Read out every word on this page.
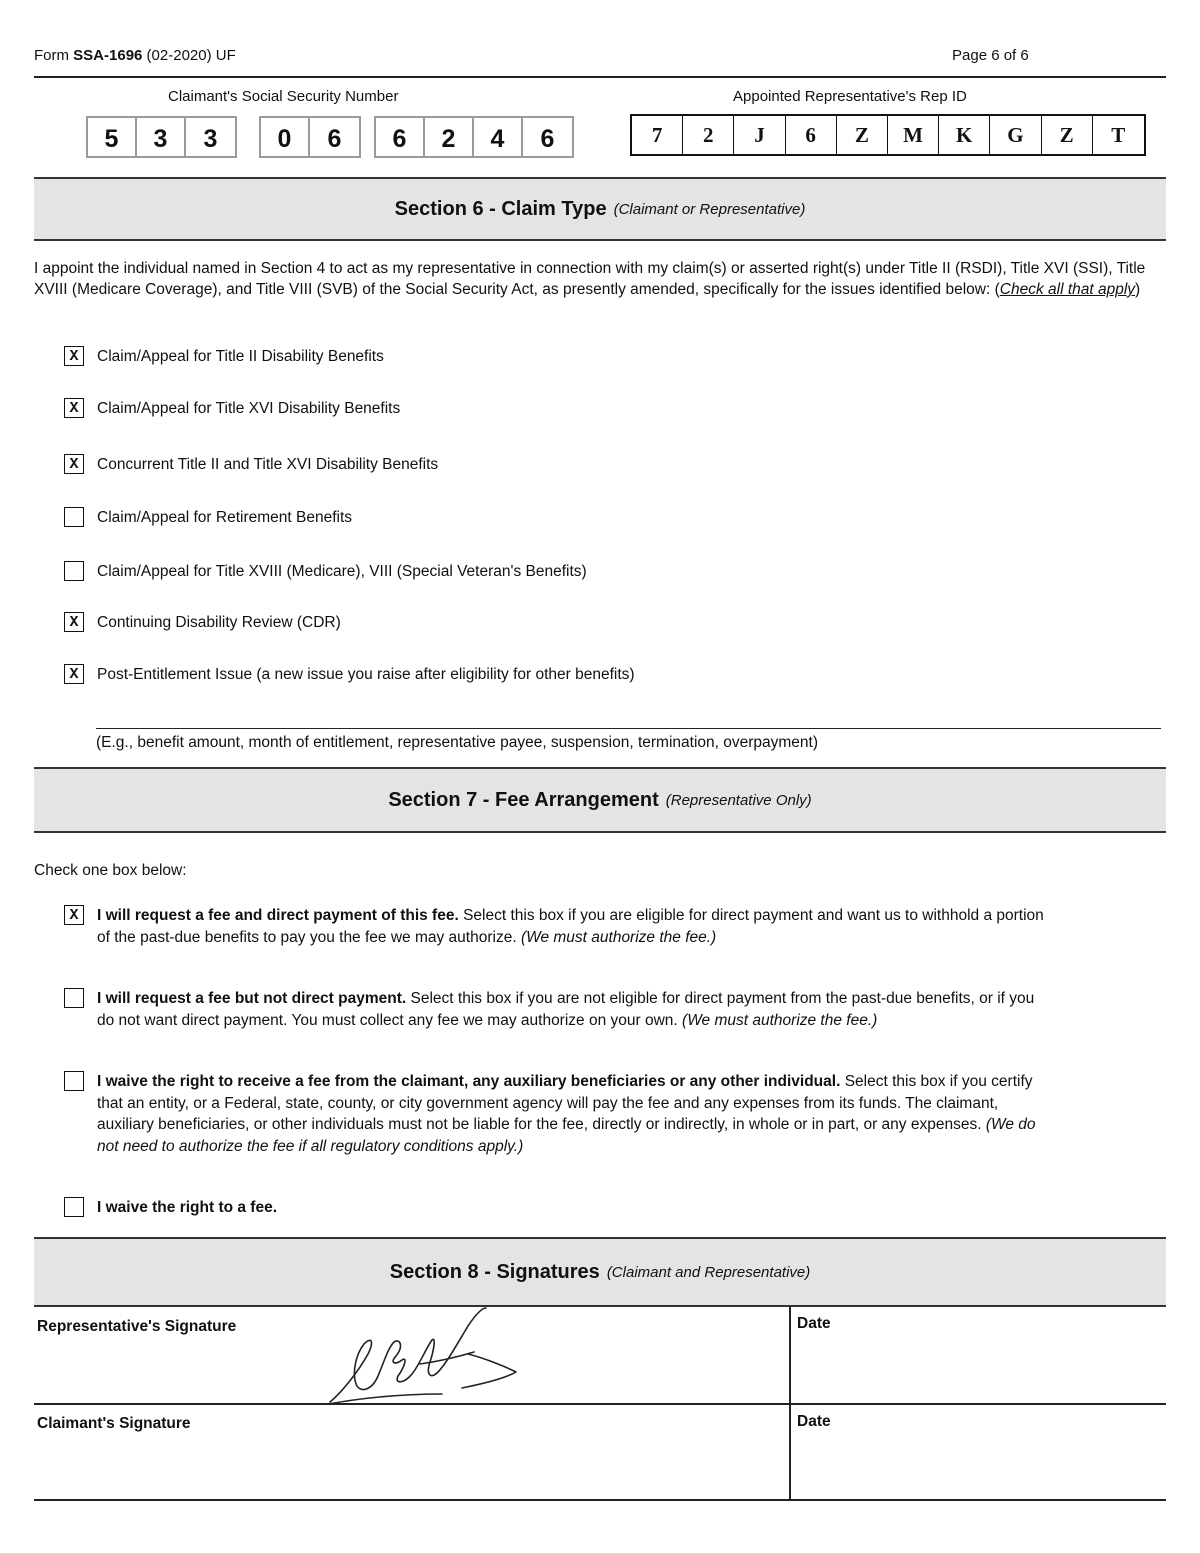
Form SSA-1696 (02-2020) UF	Page 6 of 6
Claimant's Social Security Number	Appointed Representative's Rep ID
5	3	3	0	6	6	2	4	6	7	2	J	6	Z	M	K	G	Z	T
Section 6 - Claim Type (Claimant or Representative)
I appoint the individual named in Section 4 to act as my representative in connection with my claim(s) or asserted right(s) under Title II (RSDI), Title XVI (SSI), Title XVIII (Medicare Coverage), and Title VIII (SVB) of the Social Security Act, as presently amended, specifically for the issues identified below: (Check all that apply)
X	Claim/Appeal for Title II Disability Benefits
X	Claim/Appeal for Title XVI Disability Benefits
X	Concurrent Title II and Title XVI Disability Benefits
Claim/Appeal for Retirement Benefits
Claim/Appeal for Title XVIII (Medicare), VIII (Special Veteran's Benefits)
X	Continuing Disability Review (CDR)
X	Post-Entitlement Issue (a new issue you raise after eligibility for other benefits)
(E.g., benefit amount, month of entitlement, representative payee, suspension, termination, overpayment)
Section 7 - Fee Arrangement (Representative Only)
Check one box below:
X	I will request a fee and direct payment of this fee. Select this box if you are eligible for direct payment and want us to withhold a portion of the past-due benefits to pay you the fee we may authorize. (We must authorize the fee.)
I will request a fee but not direct payment. Select this box if you are not eligible for direct payment from the past-due benefits, or if you do not want direct payment. You must collect any fee we may authorize on your own. (We must authorize the fee.)
I waive the right to receive a fee from the claimant, any auxiliary beneficiaries or any other individual. Select this box if you certify that an entity, or a Federal, state, county, or city government agency will pay the fee and any expenses from its funds. The claimant, auxiliary beneficiaries, or other individuals must not be liable for the fee, directly or indirectly, in whole or in part, or any expenses. (We do not need to authorize the fee if all regulatory conditions apply.)
I waive the right to a fee.
Section 8 - Signatures (Claimant and Representative)
Representative's Signature	Date
Claimant's Signature	Date
